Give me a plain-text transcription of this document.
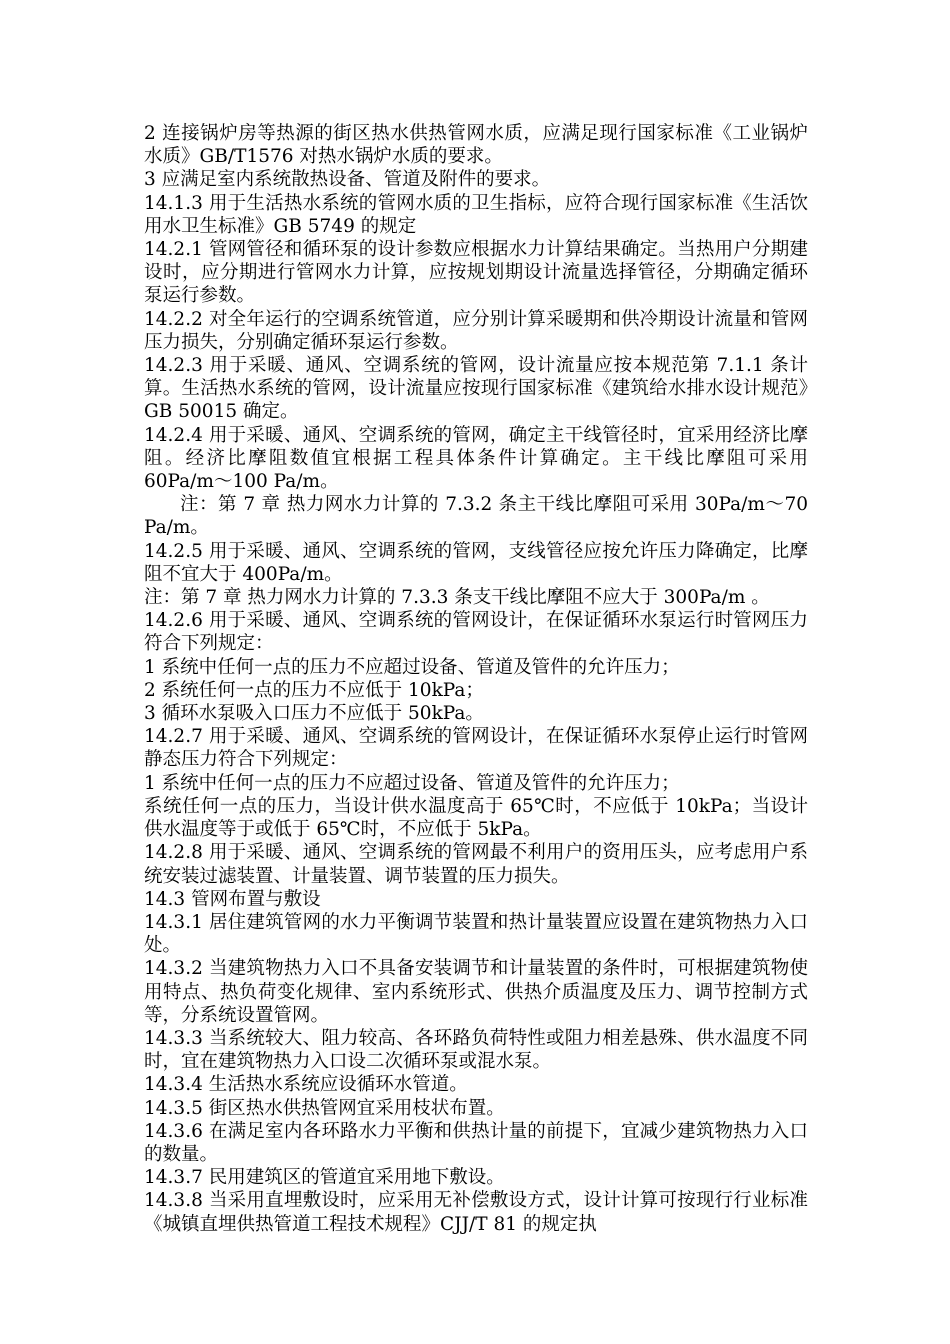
2 连接锅炉房等热源的街区热水供热管网水质，应满足现行国家标准《工业锅炉水质》GB/T1576 对热水锅炉水质的要求。

3 应满足室内系统散热设备、管道及附件的要求。

14.1.3 用于生活热水系统的管网水质的卫生指标，应符合现行国家标准《生活饮用水卫生标准》GB 5749 的规定

14.2.1 管网管径和循环泵的设计参数应根据水力计算结果确定。当热用户分期建设时，应分期进行管网水力计算，应按规划期设计流量选择管径，分期确定循环泵运行参数。

14.2.2 对全年运行的空调系统管道，应分别计算采暖期和供冷期设计流量和管网压力损失，分别确定循环泵运行参数。

14.2.3 用于采暖、通风、空调系统的管网，设计流量应按本规范第 7.1.1 条计算。生活热水系统的管网，设计流量应按现行国家标准《建筑给水排水设计规范》GB 50015 确定。

14.2.4 用于采暖、通风、空调系统的管网，确定主干线管径时，宜采用经济比摩阻。经济比摩阻数值宜根据工程具体条件计算确定。主干线比摩阻可采用 60Pa/m～100 Pa/m。

注：第 7 章 热力网水力计算的 7.3.2 条主干线比摩阻可采用 30Pa/m～70 Pa/m。

14.2.5 用于采暖、通风、空调系统的管网，支线管径应按允许压力降确定，比摩阻不宜大于 400Pa/m。

注：第 7 章 热力网水力计算的 7.3.3 条支干线比摩阻不应大于 300Pa/m 。

14.2.6 用于采暖、通风、空调系统的管网设计，在保证循环水泵运行时管网压力符合下列规定：

1 系统中任何一点的压力不应超过设备、管道及管件的允许压力；

2 系统任何一点的压力不应低于 10kPa；

3 循环水泵吸入口压力不应低于 50kPa。

14.2.7 用于采暖、通风、空调系统的管网设计，在保证循环水泵停止运行时管网静态压力符合下列规定：

1 系统中任何一点的压力不应超过设备、管道及管件的允许压力；

系统任何一点的压力，当设计供水温度高于 65℃时，不应低于 10kPa；当设计供水温度等于或低于 65℃时，不应低于 5kPa。

14.2.8 用于采暖、通风、空调系统的管网最不利用户的资用压头，应考虑用户系统安装过滤装置、计量装置、调节装置的压力损失。

14.3 管网布置与敷设

14.3.1 居住建筑管网的水力平衡调节装置和热计量装置应设置在建筑物热力入口处。

14.3.2 当建筑物热力入口不具备安装调节和计量装置的条件时，可根据建筑物使用特点、热负荷变化规律、室内系统形式、供热介质温度及压力、调节控制方式等，分系统设置管网。

14.3.3 当系统较大、阻力较高、各环路负荷特性或阻力相差悬殊、供水温度不同时，宜在建筑物热力入口设二次循环泵或混水泵。

14.3.4 生活热水系统应设循环水管道。

14.3.5 街区热水供热管网宜采用枝状布置。

14.3.6 在满足室内各环路水力平衡和供热计量的前提下，宜减少建筑物热力入口的数量。

14.3.7 民用建筑区的管道宜采用地下敷设。

14.3.8 当采用直埋敷设时，应采用无补偿敷设方式，设计计算可按现行行业标准《城镇直埋供热管道工程技术规程》CJJ/T 81 的规定执
